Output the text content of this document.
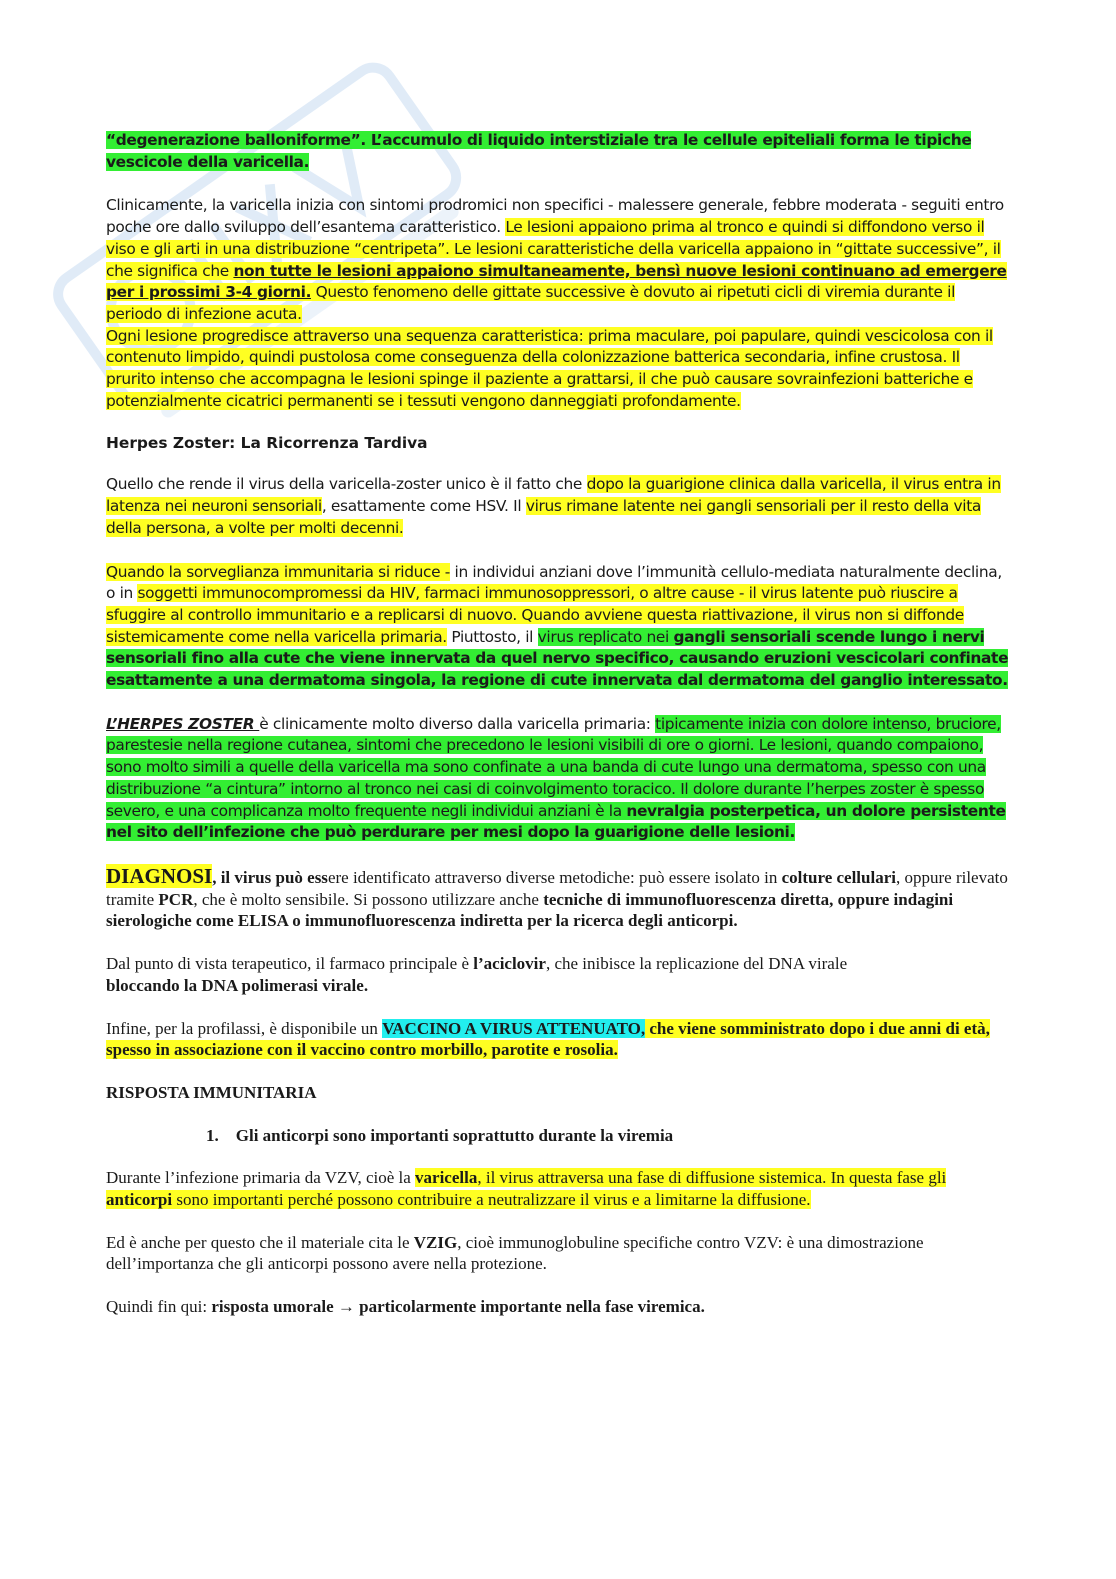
“degenerazione balloniforme”. L’accumulo di liquido interstiziale tra le cellule epiteliali forma le tipiche vescicole della varicella.

Clinicamente, la varicella inizia con sintomi prodromici non specifici - malessere generale, febbre moderata - seguiti entro poche ore dallo sviluppo dell’esantema caratteristico. Le lesioni appaiono prima al tronco e quindi si diffondono verso il viso e gli arti in una distribuzione “centripeta”. Le lesioni caratteristiche della varicella appaiono in “gittate successive”, il che significa che non tutte le lesioni appaiono simultaneamente, bensì nuove lesioni continuano ad emergere per i prossimi 3-4 giorni. Questo fenomeno delle gittate successive è dovuto ai ripetuti cicli di viremia durante il periodo di infezione acuta.
Ogni lesione progredisce attraverso una sequenza caratteristica: prima maculare, poi papulare, quindi vescicolosa con il contenuto limpido, quindi pustolosa come conseguenza della colonizzazione batterica secondaria, infine crustosa. Il prurito intenso che accompagna le lesioni spinge il paziente a grattarsi, il che può causare sovrainfezioni batteriche e potenzialmente cicatrici permanenti se i tessuti vengono danneggiati profondamente.

Herpes Zoster: La Ricorrenza Tardiva

Quello che rende il virus della varicella-zoster unico è il fatto che dopo la guarigione clinica dalla varicella, il virus entra in latenza nei neuroni sensoriali, esattamente come HSV. Il virus rimane latente nei gangli sensoriali per il resto della vita della persona, a volte per molti decenni.

Quando la sorveglianza immunitaria si riduce - in individui anziani dove l’immunità cellulo-mediata naturalmente declina, o in soggetti immunocompromessi da HIV, farmaci immunosoppressori, o altre cause - il virus latente può riuscire a sfuggire al controllo immunitario e a replicarsi di nuovo. Quando avviene questa riattivazione, il virus non si diffonde sistemicamente come nella varicella primaria. Piuttosto, il virus replicato nei gangli sensoriali scende lungo i nervi sensoriali fino alla cute che viene innervata da quel nervo specifico, causando eruzioni vescicolari confinate esattamente a una dermatoma singola, la regione di cute innervata dal dermatoma del ganglio interessato.

L’HERPES ZOSTER è clinicamente molto diverso dalla varicella primaria: tipicamente inizia con dolore intenso, bruciore, parestesie nella regione cutanea, sintomi che precedono le lesioni visibili di ore o giorni. Le lesioni, quando compaiono, sono molto simili a quelle della varicella ma sono confinate a una banda di cute lungo una dermatoma, spesso con una distribuzione “a cintura” intorno al tronco nei casi di coinvolgimento toracico. Il dolore durante l’herpes zoster è spesso severo, e una complicanza molto frequente negli individui anziani è la nevralgia posterpetica, un dolore persistente nel sito dell’infezione che può perdurare per mesi dopo la guarigione delle lesioni.

DIAGNOSI, il virus può essere identificato attraverso diverse metodiche: può essere isolato in colture cellulari, oppure rilevato tramite PCR, che è molto sensibile. Si possono utilizzare anche tecniche di immunofluorescenza diretta, oppure indagini sierologiche come ELISA o immunofluorescenza indiretta per la ricerca degli anticorpi.

Dal punto di vista terapeutico, il farmaco principale è l’aciclovir, che inibisce la replicazione del DNA virale
bloccando la DNA polimerasi virale.

Infine, per la profilassi, è disponibile un VACCINO A VIRUS ATTENUATO, che viene somministrato dopo i due anni di età, spesso in associazione con il vaccino contro morbillo, parotite e rosolia.

RISPOSTA IMMUNITARIA

1. Gli anticorpi sono importanti soprattutto durante la viremia

Durante l’infezione primaria da VZV, cioè la varicella, il virus attraversa una fase di diffusione sistemica. In questa fase gli anticorpi sono importanti perché possono contribuire a neutralizzare il virus e a limitarne la diffusione.

Ed è anche per questo che il materiale cita le VZIG, cioè immunoglobuline specifiche contro VZV: è una dimostrazione dell’importanza che gli anticorpi possono avere nella protezione.

Quindi fin qui: risposta umorale → particolarmente importante nella fase viremica.
